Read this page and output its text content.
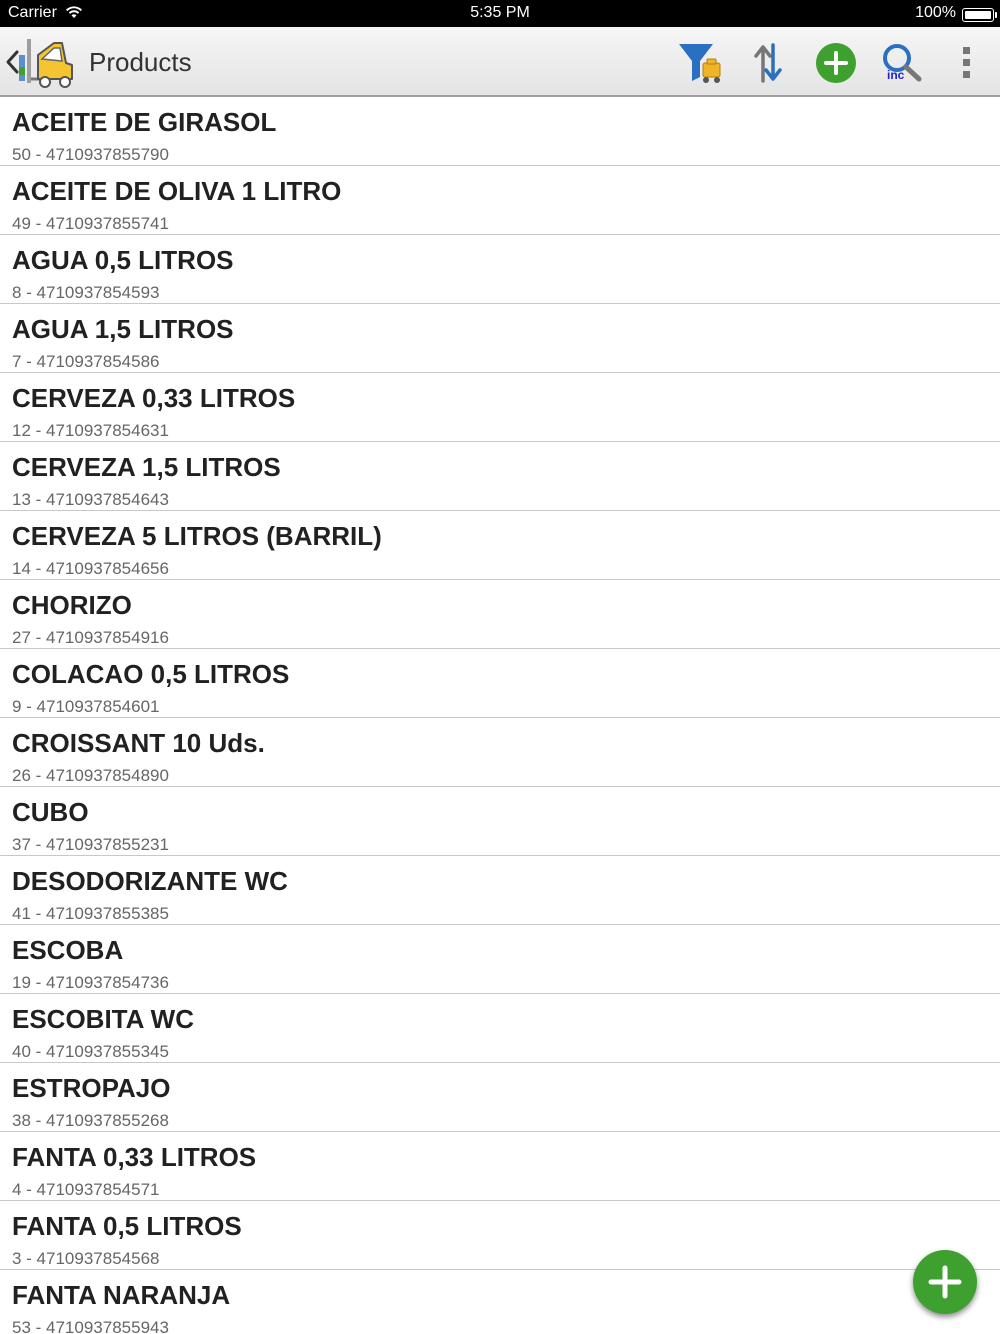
Carrier	5:35 PM	100%
Products	inc
ACEITE DE GIRASOL
50 - 4710937855790
ACEITE DE OLIVA 1 LITRO
49 - 4710937855741
AGUA 0,5 LITROS
8 - 4710937854593
AGUA 1,5 LITROS
7 - 4710937854586
CERVEZA 0,33 LITROS
12 - 4710937854631
CERVEZA 1,5 LITROS
13 - 4710937854643
CERVEZA 5 LITROS (BARRIL)
14 - 4710937854656
CHORIZO
27 - 4710937854916
COLACAO 0,5 LITROS
9 - 4710937854601
CROISSANT 10 Uds.
26 - 4710937854890
CUBO
37 - 4710937855231
DESODORIZANTE WC
41 - 4710937855385
ESCOBA
19 - 4710937854736
ESCOBITA WC
40 - 4710937855345
ESTROPAJO
38 - 4710937855268
FANTA 0,33 LITROS
4 - 4710937854571
FANTA 0,5 LITROS
3 - 4710937854568
FANTA NARANJA
53 - 4710937855943
